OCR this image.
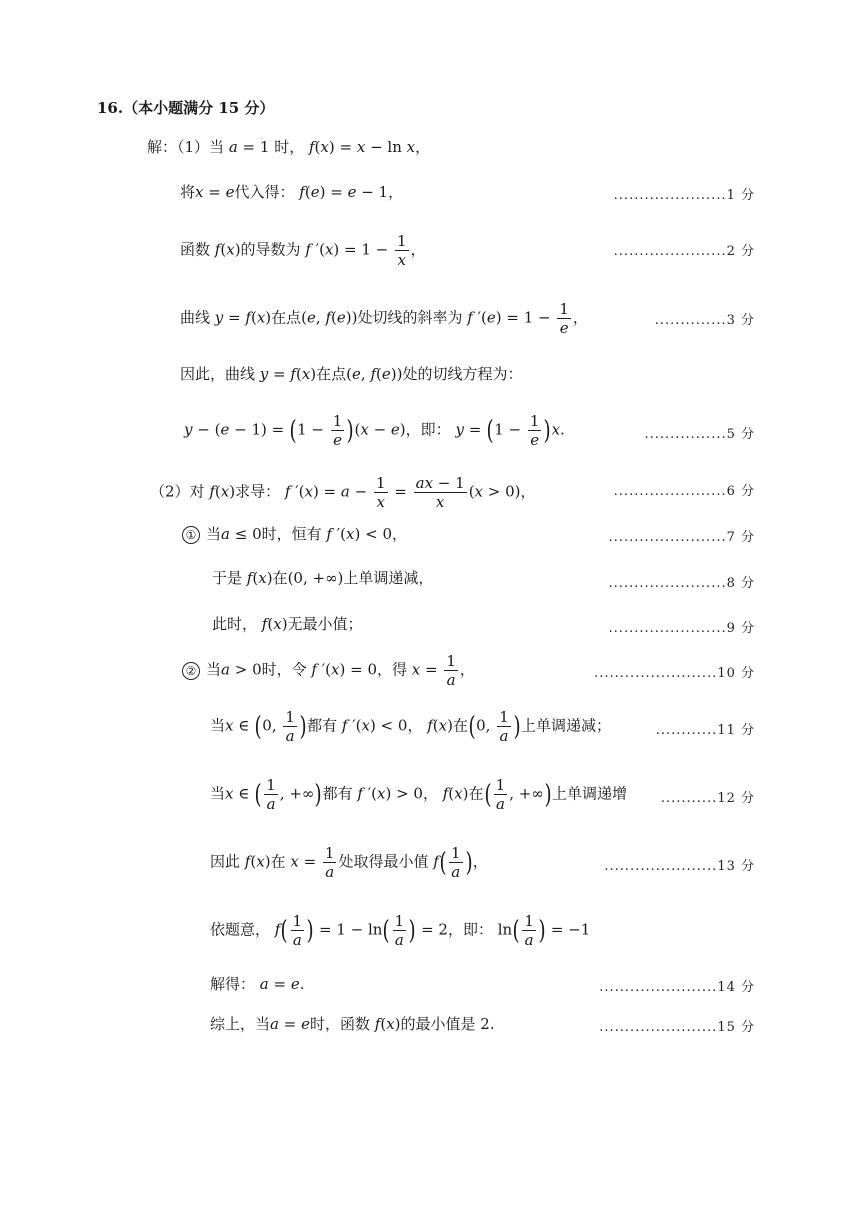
16.（本小题满分 15 分）
解：（1）当 a = 1 时， f(x) = x − ln x，
将x = e代入得： f(e) = e − 1，	......................1 分
函数 f(x)的导数为 f $'(x) = 1 - \frac{1}{x}$ ，	......................2 分
曲线 y = f(x)在点(e, f(e))处切线的斜率为 f $'(e) = 1 - \frac{1}{e}$ ，	..............3 分
因此，曲线 y = f(x)在点(e, f(e))处的切线方程为：
$y - (e - 1) = (1 - \frac{1}{e} )(x - e)$，即： $y = (1 - \frac{1}{e} )x$.	................5 分
（2）对 f(x)求导： f $'(x) = a - \frac{1}{x} = \frac{ax - 1}{x} (x > 0)$，	......................6 分
① 当a ≤ 0时，恒有 f ′(x) < 0，	.......................7 分
于是 f(x)在(0, +∞)上单调递减，	.......................8 分
此时， f(x)无最小值；	.......................9 分
② 当a > 0时，令 f ′(x) = 0，得 $x = \frac{1}{a}$ ，	........................10 分
当x ∈ (0, $\frac{1}{a}$ )都有 f ′(x) < 0， f(x)在(0, $\frac{1}{a}$ )上单调递减；	............11 分
当x ∈ ( $\frac{1}{a}$ , +∞)都有 f ′(x) > 0， f(x)在( $\frac{1}{a}$ , +∞)上单调递增	...........12 分
因此 f(x)在 $x = \frac{1}{a}$ 处取得最小值 $f( \frac{1}{a}$ )，	......................13 分
依题意， $f( \frac{1}{a}$ ) = $1 - \ln( \frac{1}{a}$ ) = 2，即： $\ln( \frac{1}{a}$ ) = −1
解得： a = e.	.......................14 分
综上，当a = e时，函数 f(x)的最小值是 2.	.......................15 分
